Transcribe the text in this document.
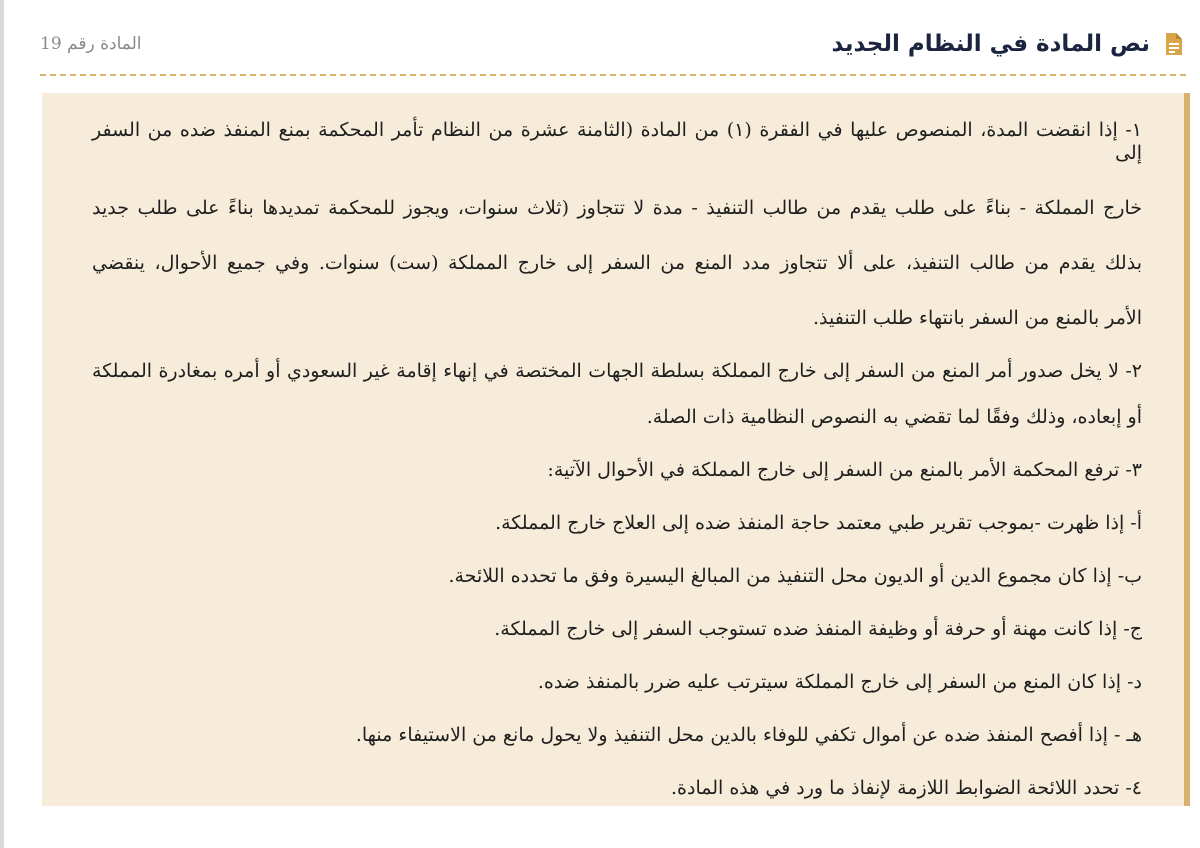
نص المادة في النظام الجديد
المادة رقم 19

١- إذا انقضت المدة، المنصوص عليها في الفقرة (١) من المادة (الثامنة عشرة من النظام تأمر المحكمة بمنع المنفذ ضده من السفر إلى

خارج المملكة - بناءً على طلب يقدم من طالب التنفيذ - مدة لا تتجاوز (ثلاث سنوات، ويجوز للمحكمة تمديدها بناءً على طلب جديد

بذلك يقدم من طالب التنفيذ، على ألا تتجاوز مدد المنع من السفر إلى خارج المملكة (ست) سنوات. وفي جميع الأحوال، ينقضي

الأمر بالمنع من السفر بانتهاء طلب التنفيذ.

٢- لا يخل صدور أمر المنع من السفر إلى خارج المملكة بسلطة الجهات المختصة في إنهاء إقامة غير السعودي أو أمره بمغادرة المملكة

أو إبعاده، وذلك وفقًا لما تقضي به النصوص النظامية ذات الصلة.

٣- ترفع المحكمة الأمر بالمنع من السفر إلى خارج المملكة في الأحوال الآتية:

أ- إذا ظهرت -بموجب تقرير طبي معتمد حاجة المنفذ ضده إلى العلاج خارج المملكة.

ب- إذا كان مجموع الدين أو الديون محل التنفيذ من المبالغ اليسيرة وفق ما تحدده اللائحة.

ج- إذا كانت مهنة أو حرفة أو وظيفة المنفذ ضده تستوجب السفر إلى خارج المملكة.

د- إذا كان المنع من السفر إلى خارج المملكة سيترتب عليه ضرر بالمنفذ ضده.

هـ - إذا أفصح المنفذ ضده عن أموال تكفي للوفاء بالدين محل التنفيذ ولا يحول مانع من الاستيفاء منها.

٤- تحدد اللائحة الضوابط اللازمة لإنفاذ ما ورد في هذه المادة.
